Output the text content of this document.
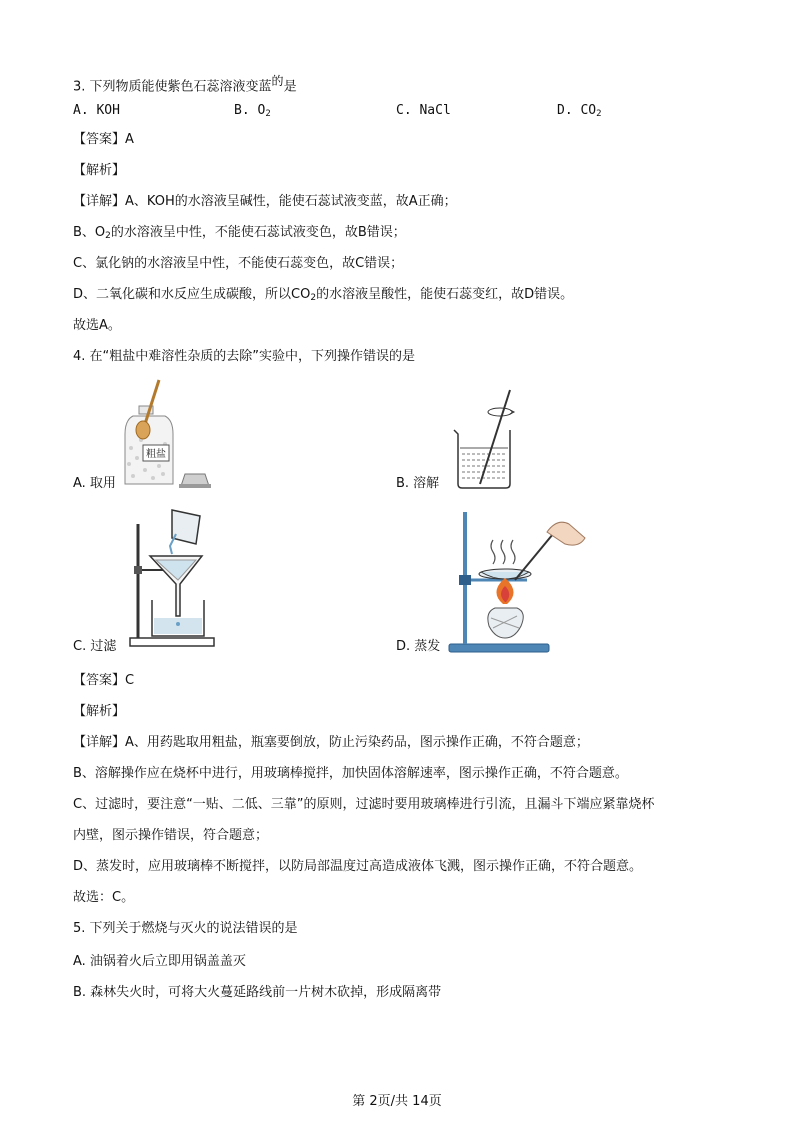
3. 下列物质能使紫色石蕊溶液变蓝$^的$是
A. KOH	B. $O_2$	C. NaCl	D. $CO_2$
【答案】A
【解析】
【详解】A、KOH的水溶液呈碱性，能使石蕊试液变蓝，故A正确；
B、$O_2$的水溶液呈中性，不能使石蕊试液变色，故B错误；
C、氯化钠的水溶液呈中性，不能使石蕊变色，故C错误；
D、二氧化碳和水反应生成碳酸，所以$CO_2$的水溶液呈酸性，能使石蕊变红，故D错误。
故选A。
4. 在“粗盐中难溶性杂质的去除”实验中，下列操作错误的是
粗盐
A. 取用	B. 溶解
C. 过滤	D. 蒸发
【答案】C
【解析】
【详解】A、用药匙取用粗盐，瓶塞要倒放，防止污染药品，图示操作正确，不符合题意；
B、溶解操作应在烧杯中进行，用玻璃棒搅拌，加快固体溶解速率，图示操作正确，不符合题意。
C、过滤时，要注意“一贴、二低、三靠”的原则，过滤时要用玻璃棒进行引流，且漏斗下端应紧靠烧杯
内壁，图示操作错误，符合题意；
D、蒸发时，应用玻璃棒不断搅拌，以防局部温度过高造成液体飞溅，图示操作正确，不符合题意。
故选：C。
5. 下列关于燃烧与灭火的说法错误的是
A. 油锅着火后立即用锅盖盖灭
B. 森林失火时，可将大火蔓延路线前一片树木砍掉，形成隔离带
第 2页/共 14页
